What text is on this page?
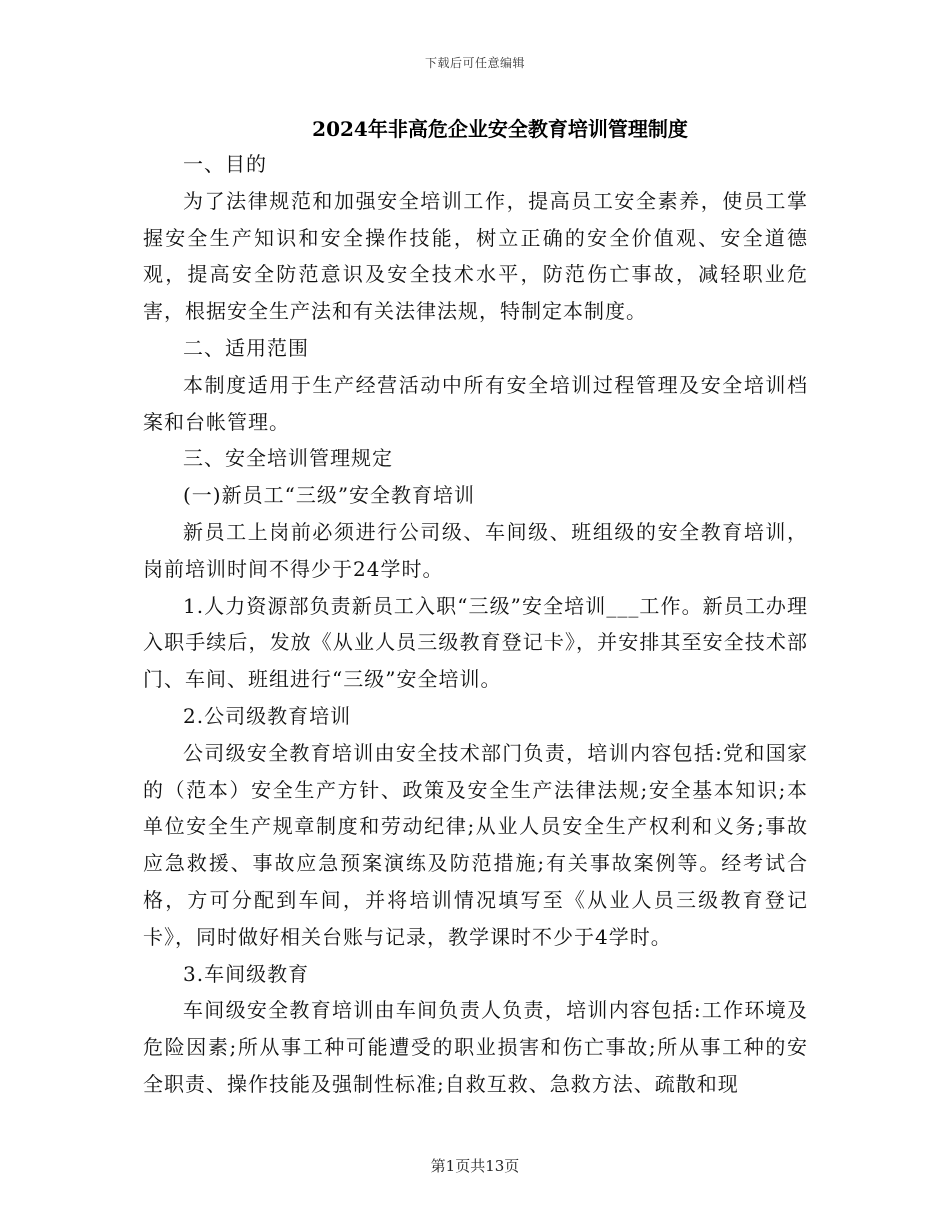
下载后可任意编辑
2024年非高危企业安全教育培训管理制度

一、目的

为了法律规范和加强安全培训工作，提高员工安全素养，使员工掌握安全生产知识和安全操作技能，树立正确的安全价值观、安全道德观，提高安全防范意识及安全技术水平，防范伤亡事故，减轻职业危害，根据安全生产法和有关法律法规，特制定本制度。

二、适用范围

本制度适用于生产经营活动中所有安全培训过程管理及安全培训档案和台帐管理。

三、安全培训管理规定

(一)新员工“三级”安全教育培训

新员工上岗前必须进行公司级、车间级、班组级的安全教育培训，岗前培训时间不得少于24学时。

1.人力资源部负责新员工入职“三级”安全培训___工作。新员工办理入职手续后，发放《从业人员三级教育登记卡》，并安排其至安全技术部门、车间、班组进行“三级”安全培训。

2.公司级教育培训

公司级安全教育培训由安全技术部门负责，培训内容包括:党和国家的（范本）安全生产方针、政策及安全生产法律法规;安全基本知识;本单位安全生产规章制度和劳动纪律;从业人员安全生产权利和义务;事故应急救援、事故应急预案演练及防范措施;有关事故案例等。经考试合格，方可分配到车间，并将培训情况填写至《从业人员三级教育登记卡》，同时做好相关台账与记录，教学课时不少于4学时。

3.车间级教育

车间级安全教育培训由车间负责人负责，培训内容包括:工作环境及危险因素;所从事工种可能遭受的职业损害和伤亡事故;所从事工种的安全职责、操作技能及强制性标准;自救互救、急救方法、疏散和现

第1页共13页
